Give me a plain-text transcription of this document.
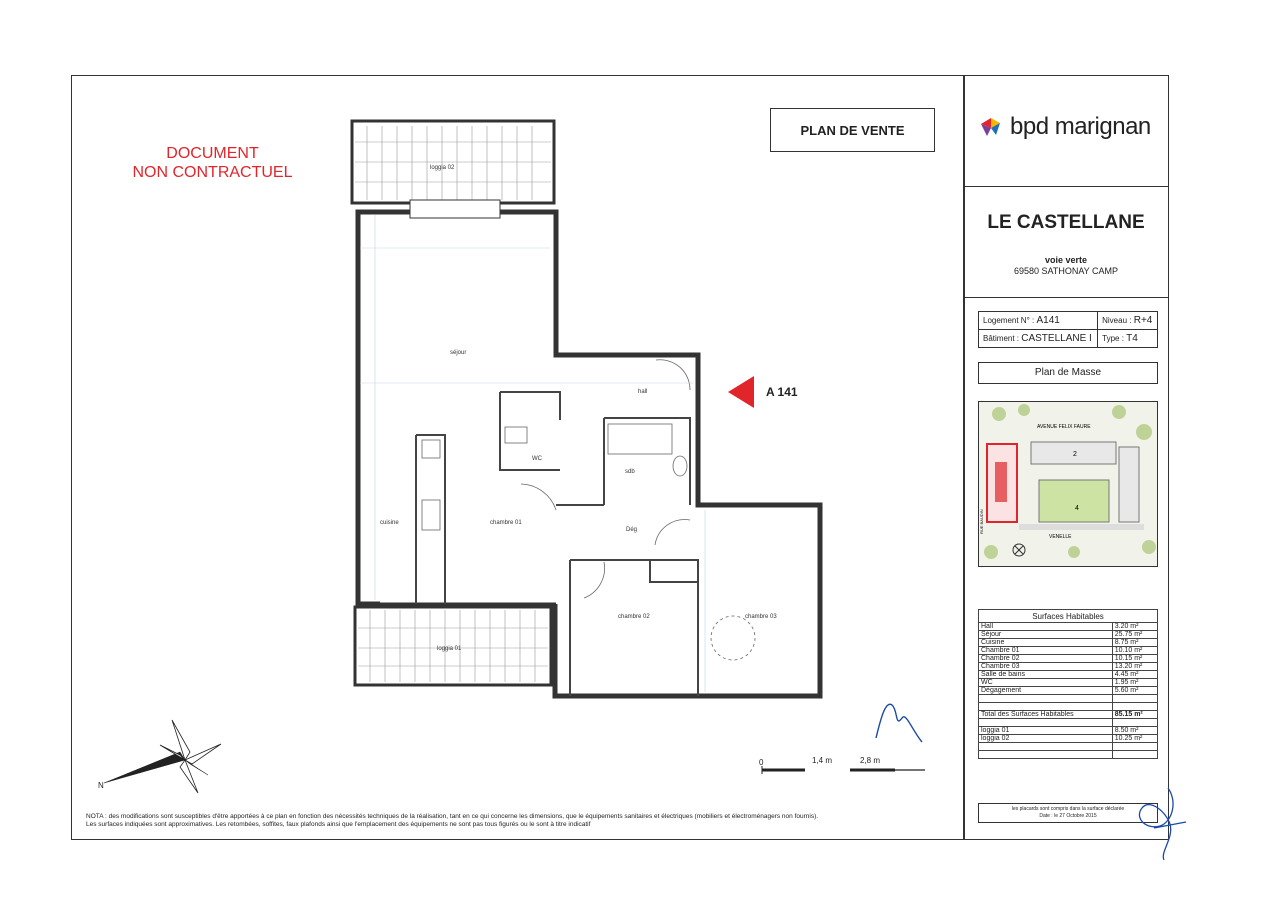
DOCUMENT
NON CONTRACTUEL
PLAN DE VENTE
loggia 02
séjour
hall
WC
sdb
cuisine	chambre 01
Dég
chambre 02	chambre 03
loggia 01
A 141
N
0	1,4 m	2,8 m
bpd marignan
LE CASTELLANE
voie verte
69580 SATHONAY CAMP
Logement N° : A141	Niveau : R+4
Bâtiment : CASTELLANE I	Type : T4
Plan de Masse
AVENUE FELIX FAURE
RUE BAUDIN
VENELLE
2
4
Surfaces Habitables	
Hall	3.20 m²
Séjour	25.75 m²
Cuisine	8.75 m²
Chambre 01	10.10 m²
Chambre 02	10.15 m²
Chambre 03	13.20 m²
Salle de bains	4.45 m²
WC	1.95 m²
Dégagement	5.60 m²

Total des Surfaces Habitables	85.15 m²

loggia 01	8.50 m²
loggia 02	10.25 m²

les placards sont compris dans la surface déclarée
Date : le 27 Octobre 2015
NOTA : des modifications sont susceptibles d'être apportées à ce plan en fonction des nécessités techniques de la réalisation, tant en ce qui concerne les dimensions, que le équipements sanitaires et électriques (mobiliers et électroménagers non fournis).
Les surfaces indiquées sont approximatives. Les retombées, soffites, faux plafonds ainsi que l'emplacement des équipements ne sont pas tous figurés ou le sont à titre indicatif
